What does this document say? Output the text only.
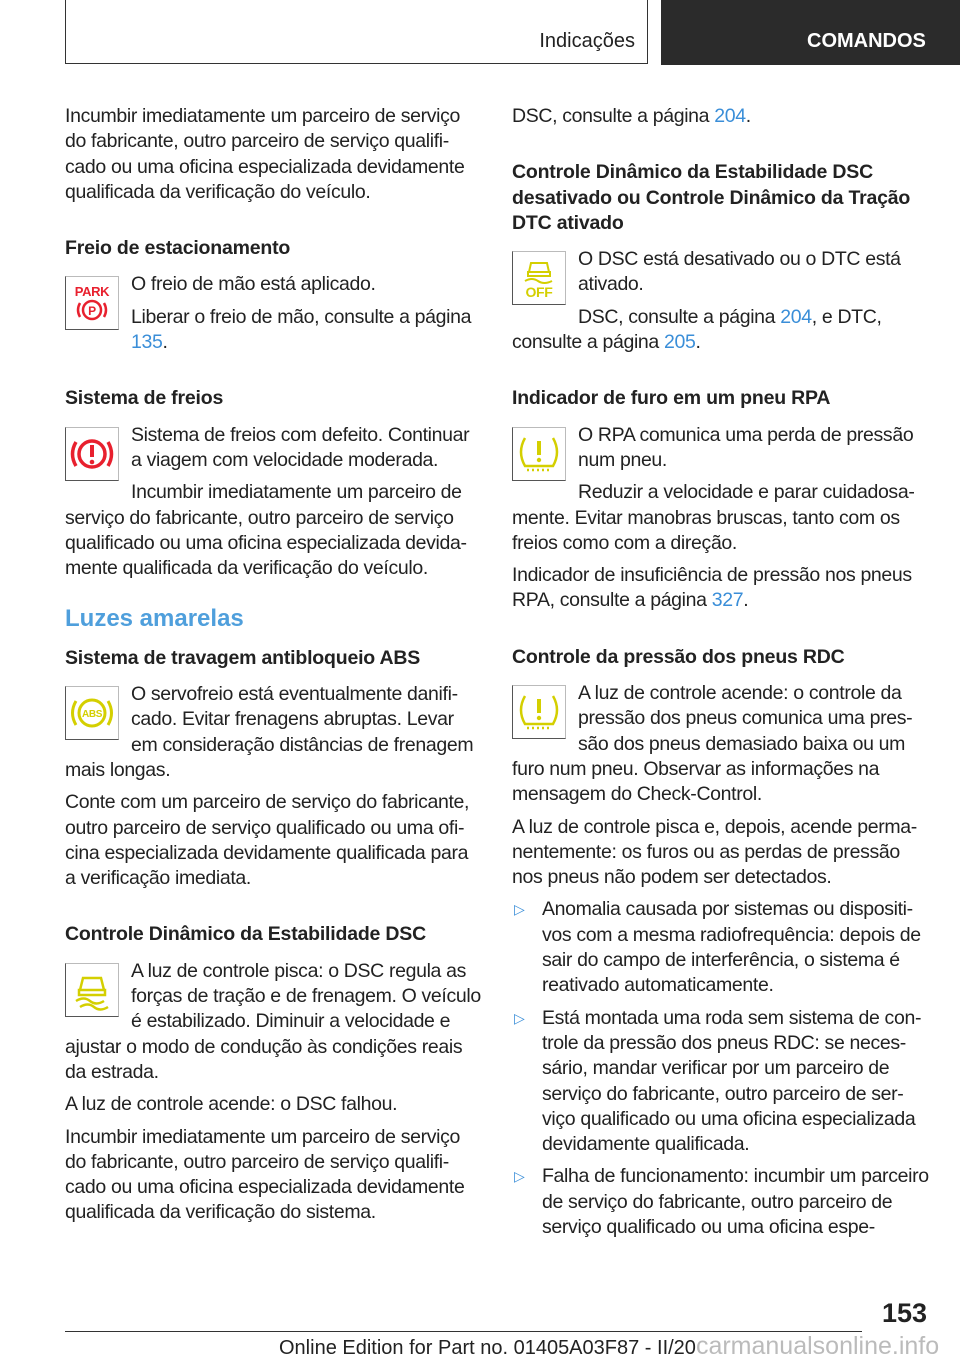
Indicações	COMANDOS

Incumbir imediatamente um parceiro de serviço do fabricante, outro parceiro de serviço qualificado ou uma oficina especializada devidamente qualificada da verificação do veículo.

Freio de estacionamento

PARK
P

O freio de mão está aplicado.

Liberar o freio de mão, consulte a página 135.

Sistema de freios

Sistema de freios com defeito. Continuar a viagem com velocidade moderada.

Incumbir imediatamente um parceiro de serviço do fabricante, outro parceiro de serviço qualificado ou uma oficina especializada devidamente qualificada da verificação do veículo.

Luzes amarelas

Sistema de travagem antibloqueio ABS

ABS

O servofreio está eventualmente danificado. Evitar frenagens abruptas. Levar em consideração distâncias de frenagem mais longas.

Conte com um parceiro de serviço do fabricante, outro parceiro de serviço qualificado ou uma oficina especializada devidamente qualificada para a verificação imediata.

Controle Dinâmico da Estabilidade DSC

A luz de controle pisca: o DSC regula as forças de tração e de frenagem. O veículo é estabilizado. Diminuir a velocidade e ajustar o modo de condução às condições reais da estrada.

A luz de controle acende: o DSC falhou.

Incumbir imediatamente um parceiro de serviço do fabricante, outro parceiro de serviço qualificado ou uma oficina especializada devidamente qualificada da verificação do sistema.

DSC, consulte a página 204.

Controle Dinâmico da Estabilidade DSC desativado ou Controle Dinâmico da Tração DTC ativado

OFF

O DSC está desativado ou o DTC está ativado.

DSC, consulte a página 204, e DTC, consulte a página 205.

Indicador de furo em um pneu RPA

O RPA comunica uma perda de pressão num pneu.

Reduzir a velocidade e parar cuidadosamente. Evitar manobras bruscas, tanto com os freios como com a direção.

Indicador de insuficiência de pressão nos pneus RPA, consulte a página 327.

Controle da pressão dos pneus RDC

A luz de controle acende: o controle da pressão dos pneus comunica uma pressão dos pneus demasiado baixa ou um furo num pneu. Observar as informações na mensagem do Check-Control.

A luz de controle pisca e, depois, acende permanentemente: os furos ou as perdas de pressão nos pneus não podem ser detectados.

▷ Anomalia causada por sistemas ou dispositivos com a mesma radiofrequência: depois de sair do campo de interferência, o sistema é reativado automaticamente.
▷ Está montada uma roda sem sistema de controle da pressão dos pneus RDC: se necessário, mandar verificar por um parceiro de serviço do fabricante, outro parceiro de serviço qualificado ou uma oficina especializada devidamente qualificada.
▷ Falha de funcionamento: incumbir um parceiro de serviço do fabricante, outro parceiro de serviço qualificado ou uma oficina espe-
153
Online Edition for Part no. 01405A03F87 - II/20carmanualsonline.info
